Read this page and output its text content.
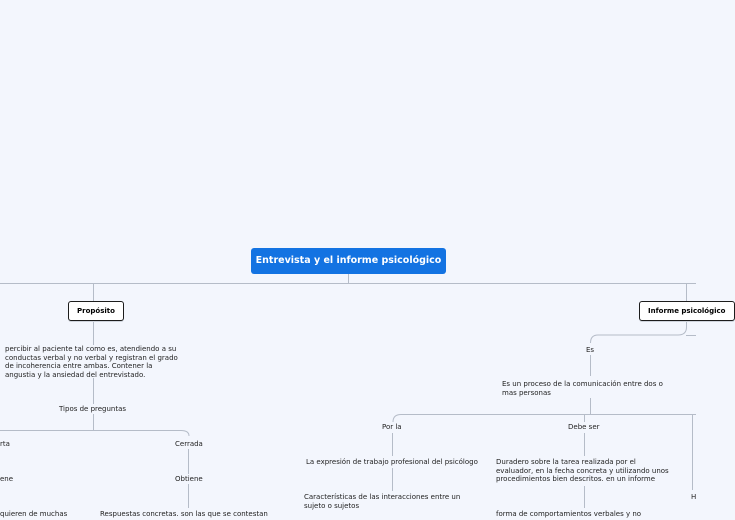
Entrevista y el informe psicológico
Propósito
percibir al paciente tal como es, atendiendo a su conductas verbal y no verbal y registran el grado de incoherencia entre ambas. Contener la angustia y la ansiedad del entrevistado.
Tipos de preguntas
rta
ene
quieren de muchas
Cerrada
Obtiene
Respuestas concretas. son las que se contestan
Informe psicológico
Es
Es un proceso de la comunicación entre dos o mas personas
Por la
La expresión de trabajo profesional del psicólogo
Características de las interacciones entre un sujeto o sujetos
Debe ser
Duradero sobre la tarea realizada por el evaluador, en la fecha concreta y utilizando unos procedimientos bien descritos. en un informe
forma de comportamientos verbales y no
H
